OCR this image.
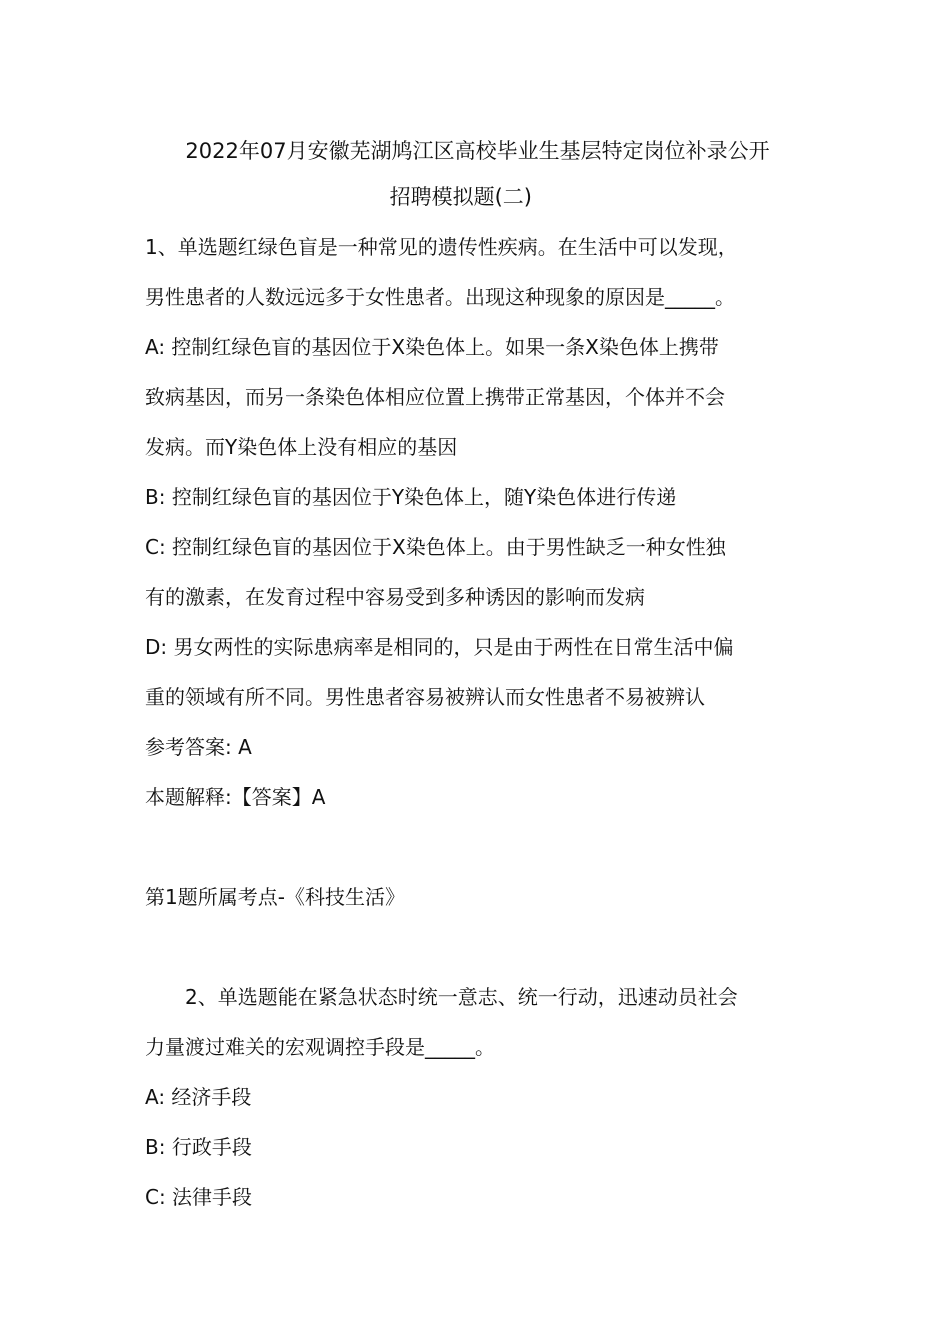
2022年07月安徽芜湖鸠江区高校毕业生基层特定岗位补录公开
招聘模拟题(二)

1、单选题红绿色盲是一种常见的遗传性疾病。在生活中可以发现，

男性患者的人数远远多于女性患者。出现这种现象的原因是_____。

A: 控制红绿色盲的基因位于X染色体上。如果一条X染色体上携带

致病基因，而另一条染色体相应位置上携带正常基因，个体并不会

发病。而Y染色体上没有相应的基因

B: 控制红绿色盲的基因位于Y染色体上，随Y染色体进行传递

C: 控制红绿色盲的基因位于X染色体上。由于男性缺乏一种女性独

有的激素，在发育过程中容易受到多种诱因的影响而发病

D: 男女两性的实际患病率是相同的，只是由于两性在日常生活中偏

重的领域有所不同。男性患者容易被辨认而女性患者不易被辨认

参考答案: A

本题解释:【答案】A

第1题所属考点-《科技生活》

2、单选题能在紧急状态时统一意志、统一行动，迅速动员社会

力量渡过难关的宏观调控手段是_____。

A: 经济手段

B: 行政手段

C: 法律手段
